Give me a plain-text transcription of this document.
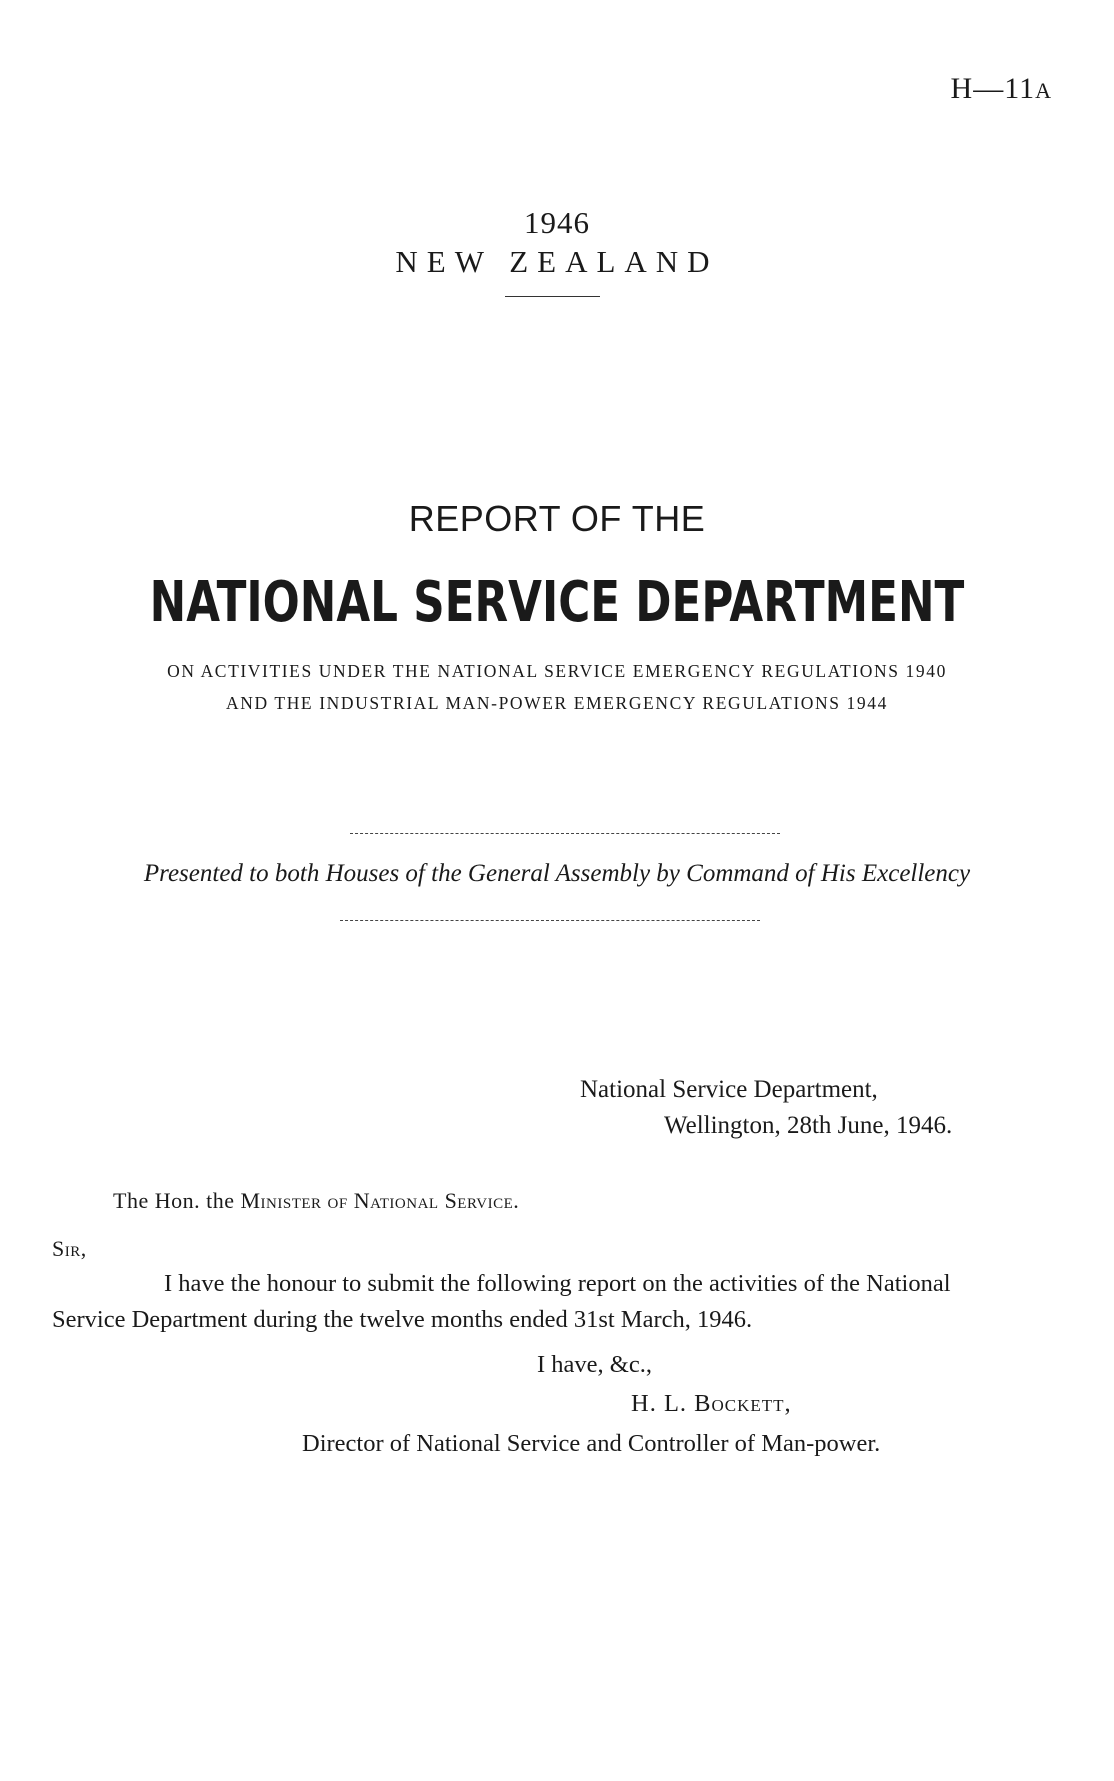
H—11A
1946
NEW ZEALAND
REPORT OF THE
NATIONAL SERVICE DEPARTMENT
ON ACTIVITIES UNDER THE NATIONAL SERVICE EMERGENCY REGULATIONS 1940
AND THE INDUSTRIAL MAN-POWER EMERGENCY REGULATIONS 1944
Presented to both Houses of the General Assembly by Command of His Excellency
National Service Department,
Wellington, 28th June, 1946.
The Hon. the Minister of National Service.
Sir,
I have the honour to submit the following report on the activities of the National
Service Department during the twelve months ended 31st March, 1946.
I have, &c.,
H. L. Bockett,
Director of National Service and Controller of Man-power.
